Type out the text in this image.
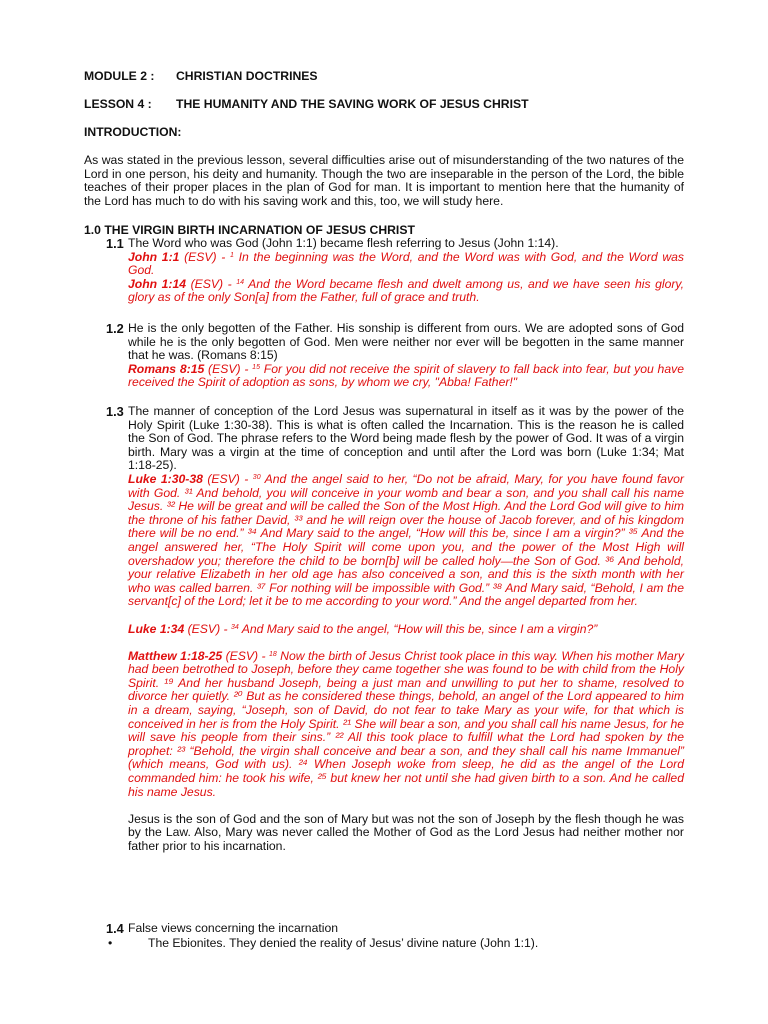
MODULE 2 : CHRISTIAN DOCTRINES
LESSON 4 : THE HUMANITY AND THE SAVING WORK OF JESUS CHRIST
INTRODUCTION:
As was stated in the previous lesson, several difficulties arise out of misunderstanding of the two natures of the Lord in one person, his deity and humanity. Though the two are inseparable in the person of the Lord, the bible teaches of their proper places in the plan of God for man. It is important to mention here that the humanity of the Lord has much to do with his saving work and this, too, we will study here.
1.0 THE VIRGIN BIRTH INCARNATION OF JESUS CHRIST
1.1 The Word who was God (John 1:1) became flesh referring to Jesus (John 1:14).
John 1:1 (ESV) - $^1$ In the beginning was the Word, and the Word was with God, and the Word was God.
John 1:14 (ESV) - $^{14}$ And the Word became flesh and dwelt among us, and we have seen his glory, glory as of the only Son[a] from the Father, full of grace and truth.
1.2 He is the only begotten of the Father. His sonship is different from ours. We are adopted sons of God while he is the only begotten of God. Men were neither nor ever will be begotten in the same manner that he was. (Romans 8:15)
Romans 8:15 (ESV) - $^{15}$ For you did not receive the spirit of slavery to fall back into fear, but you have received the Spirit of adoption as sons, by whom we cry, "Abba! Father!"
1.3 The manner of conception of the Lord Jesus was supernatural in itself as it was by the power of the Holy Spirit (Luke 1:30-38). This is what is often called the Incarnation. This is the reason he is called the Son of God. The phrase refers to the Word being made flesh by the power of God. It was of a virgin birth. Mary was a virgin at the time of conception and until after the Lord was born (Luke 1:34; Mat 1:18-25).
Luke 1:30-38 (ESV) - $^{30}$ And the angel said to her, “Do not be afraid, Mary, for you have found favor with God. ³¹ And behold, you will conceive in your womb and bear a son, and you shall call his name Jesus. ³² He will be great and will be called the Son of the Most High. And the Lord God will give to him the throne of his father David, ³³ and he will reign over the house of Jacob forever, and of his kingdom there will be no end.” ³⁴ And Mary said to the angel, “How will this be, since I am a virgin?” ³⁵ And the angel answered her, “The Holy Spirit will come upon you, and the power of the Most High will overshadow you; therefore the child to be born[b] will be called holy—the Son of God. ³⁶ And behold, your relative Elizabeth in her old age has also conceived a son, and this is the sixth month with her who was called barren. ³⁷ For nothing will be impossible with God.” ³⁸ And Mary said, “Behold, I am the servant[c] of the Lord; let it be to me according to your word.” And the angel departed from her.
Luke 1:34 (ESV) - $^{34}$ And Mary said to the angel, “How will this be, since I am a virgin?”
Matthew 1:18-25 (ESV) - $^{18}$ Now the birth of Jesus Christ took place in this way. When his mother Mary had been betrothed to Joseph, before they came together she was found to be with child from the Holy Spirit. ¹⁹ And her husband Joseph, being a just man and unwilling to put her to shame, resolved to divorce her quietly. ²⁰ But as he considered these things, behold, an angel of the Lord appeared to him in a dream, saying, “Joseph, son of David, do not fear to take Mary as your wife, for that which is conceived in her is from the Holy Spirit. ²¹ She will bear a son, and you shall call his name Jesus, for he will save his people from their sins.” ²² All this took place to fulfill what the Lord had spoken by the prophet: ²³ “Behold, the virgin shall conceive and bear a son, and they shall call his name Immanuel” (which means, God with us). ²⁴ When Joseph woke from sleep, he did as the angel of the Lord commanded him: he took his wife, ²⁵ but knew her not until she had given birth to a son. And he called his name Jesus.
Jesus is the son of God and the son of Mary but was not the son of Joseph by the flesh though he was by the Law. Also, Mary was never called the Mother of God as the Lord Jesus had neither mother nor father prior to his incarnation.
1.4 False views concerning the incarnation
•	The Ebionites. They denied the reality of Jesus’ divine nature (John 1:1).
